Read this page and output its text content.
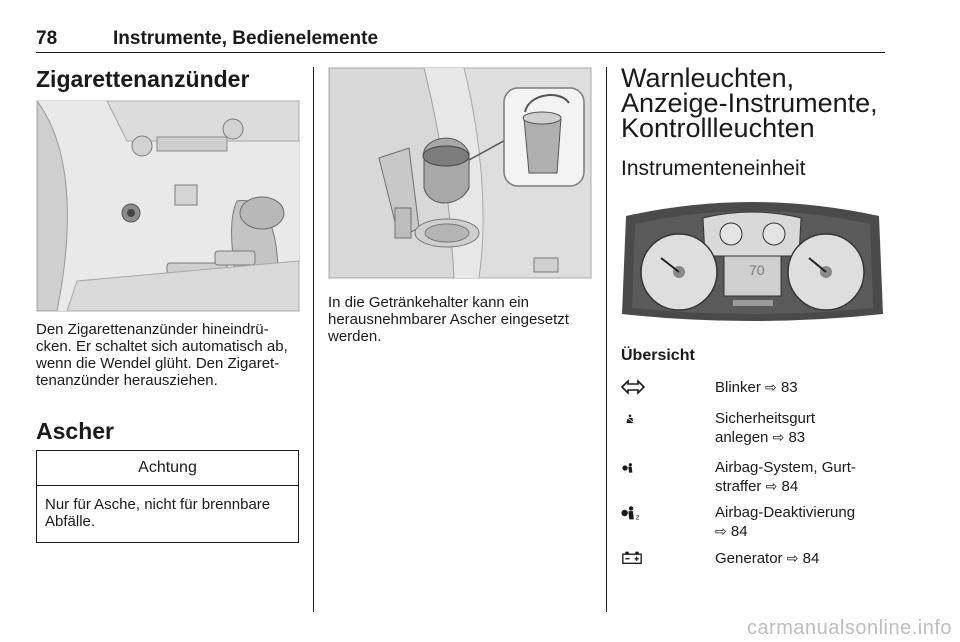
78	Instrumente, Bedienelemente
Zigarettenanzünder

Den Zigarettenanzünder hineindrü-cken. Er schaltet sich automatisch ab, wenn die Wendel glüht. Den Zigaret-tenanzünder herausziehen.

Ascher
Achtung
Nur für Asche, nicht für brennbare Abfälle.

In die Getränkehalter kann ein herausnehmbarer Ascher eingesetzt werden.

Warnleuchten,
Anzeige-Instrumente,
Kontrollleuchten
Instrumenteneinheit
70
Übersicht
Blinker ⇨ 83
Sicherheitsgurt
anlegen ⇨ 83
Airbag-System, Gurt-
straffer ⇨ 84
2	Airbag-Deaktivierung
⇨ 84
Generator ⇨ 84
carmanualsonline.info
